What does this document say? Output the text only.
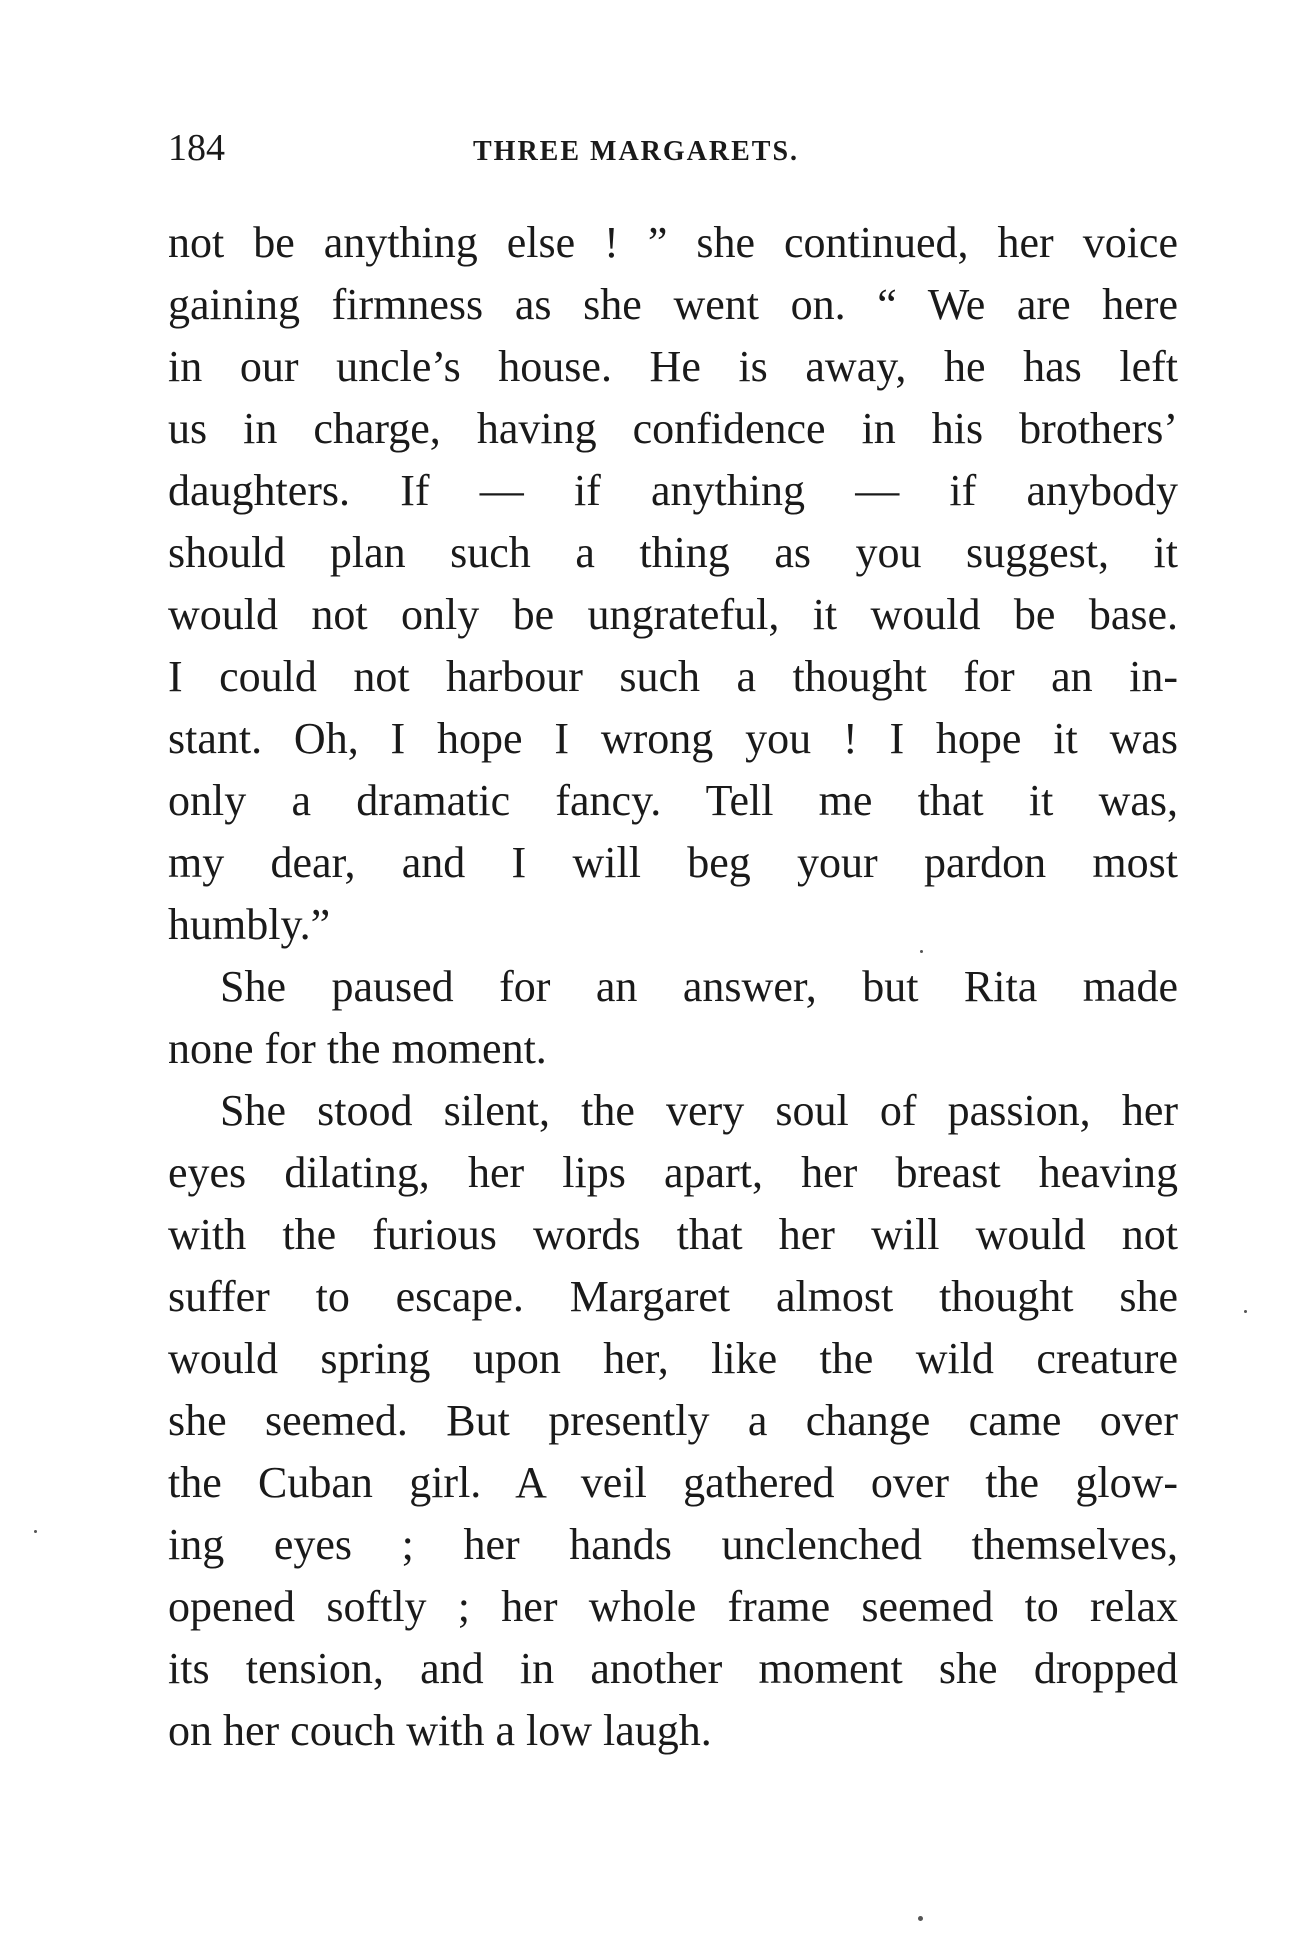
184	THREE MARGARETS.
not be anything else ! ” she continued, her voice
gaining firmness as she went on. “ We are here
in our uncle’s house. He is away, he has left
us in charge, having confidence in his brothers’
daughters. If — if anything — if anybody
should plan such a thing as you suggest, it
would not only be ungrateful, it would be base.
I could not harbour such a thought for an in-
stant. Oh, I hope I wrong you ! I hope it was
only a dramatic fancy. Tell me that it was,
my dear, and I will beg your pardon most
humbly.”
She paused for an answer, but Rita made
none for the moment.
She stood silent, the very soul of passion, her
eyes dilating, her lips apart, her breast heaving
with the furious words that her will would not
suffer to escape. Margaret almost thought she
would spring upon her, like the wild creature
she seemed. But presently a change came over
the Cuban girl. A veil gathered over the glow-
ing eyes ; her hands unclenched themselves,
opened softly ; her whole frame seemed to relax
its tension, and in another moment she dropped
on her couch with a low laugh.
